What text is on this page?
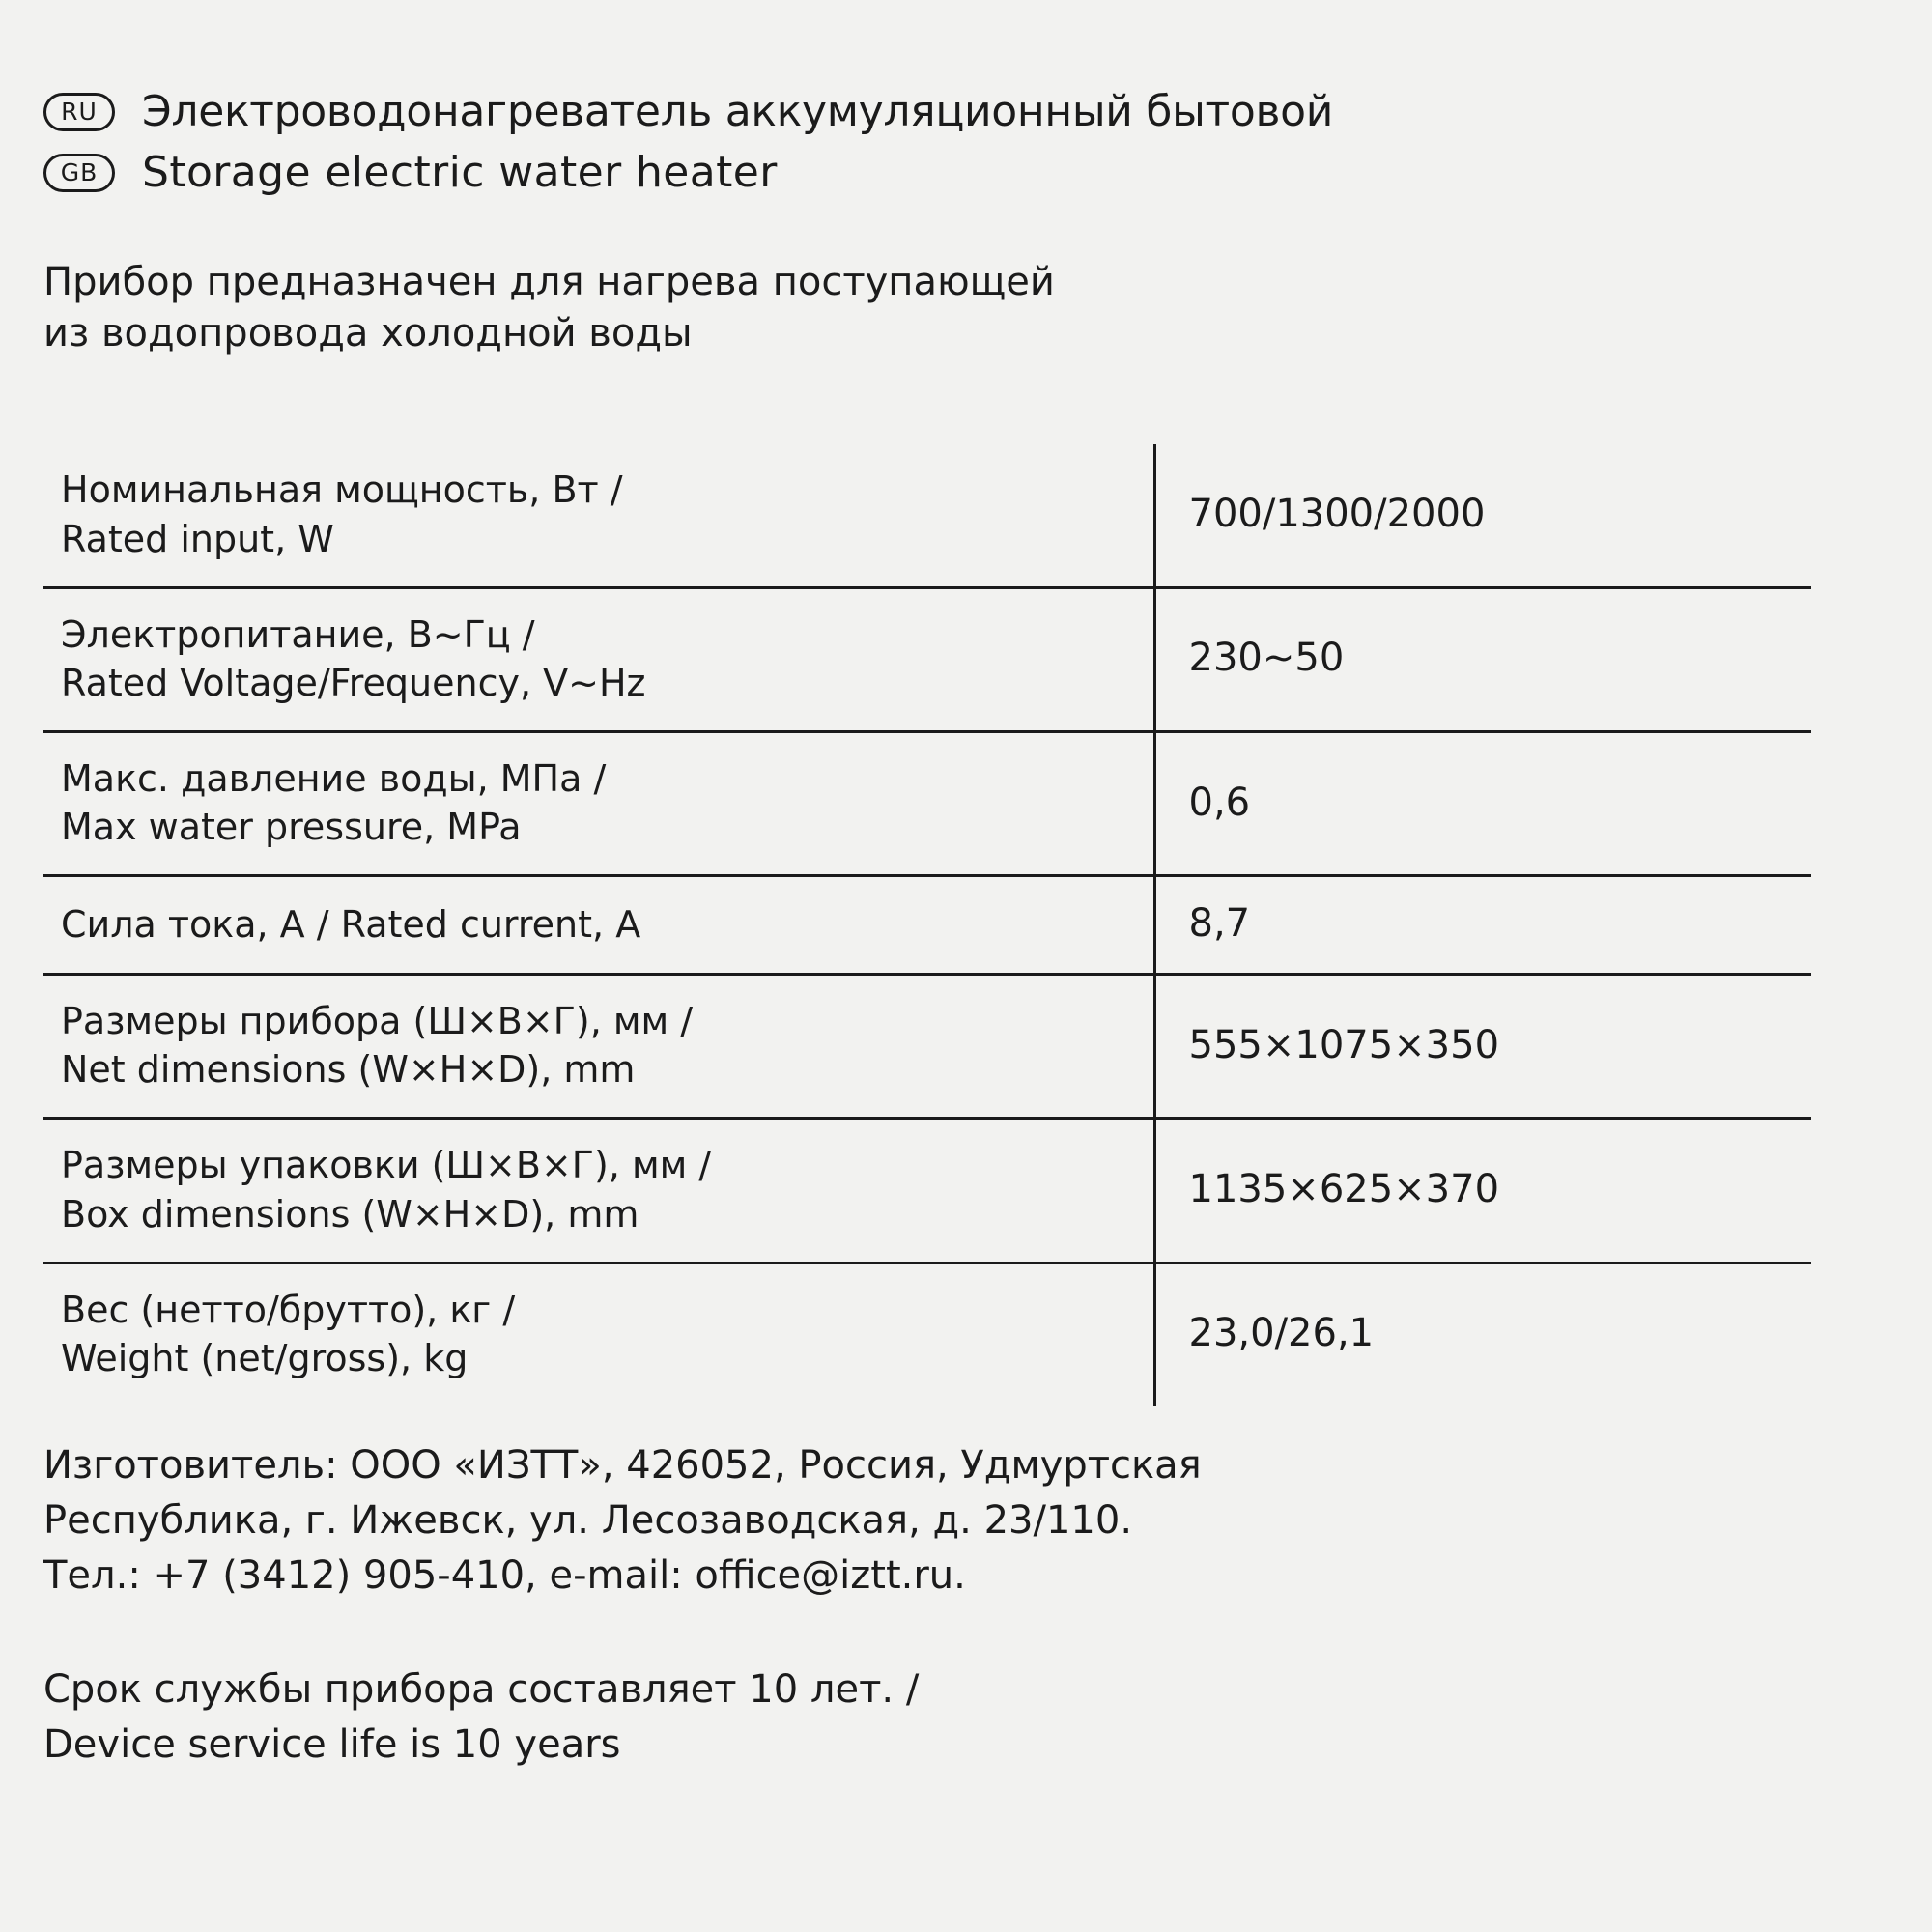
RU	Электроводонагреватель аккумуляционный бытовой
GB	Storage electric water heater
Прибор предназначен для нагрева поступающей
из водопровода холодной воды
Номинальная мощность, Вт /
Rated input, W	700/1300/2000

Электропитание, В~Гц /
Rated Voltage/Frequency, V~Hz	230~50

Макс. давление воды, МПа /
Max water pressure, MPa	0,6

Сила тока, А / Rated current, A	8,7

Размеры прибора (Ш×В×Г), мм /
Net dimensions (W×H×D), mm	555×1075×350

Размеры упаковки (Ш×В×Г), мм /
Box dimensions (W×H×D), mm	1135×625×370

Вес (нетто/брутто), кг /
Weight (net/gross), kg	23,0/26,1
Изготовитель: ООО «ИЗТТ», 426052, Россия, Удмуртская
Республика, г. Ижевск, ул. Лесозаводская, д. 23/110.
Тел.: +7 (3412) 905-410, e-mail: office@iztt.ru.
Срок службы прибора составляет 10 лет. /
Device service life is 10 years
